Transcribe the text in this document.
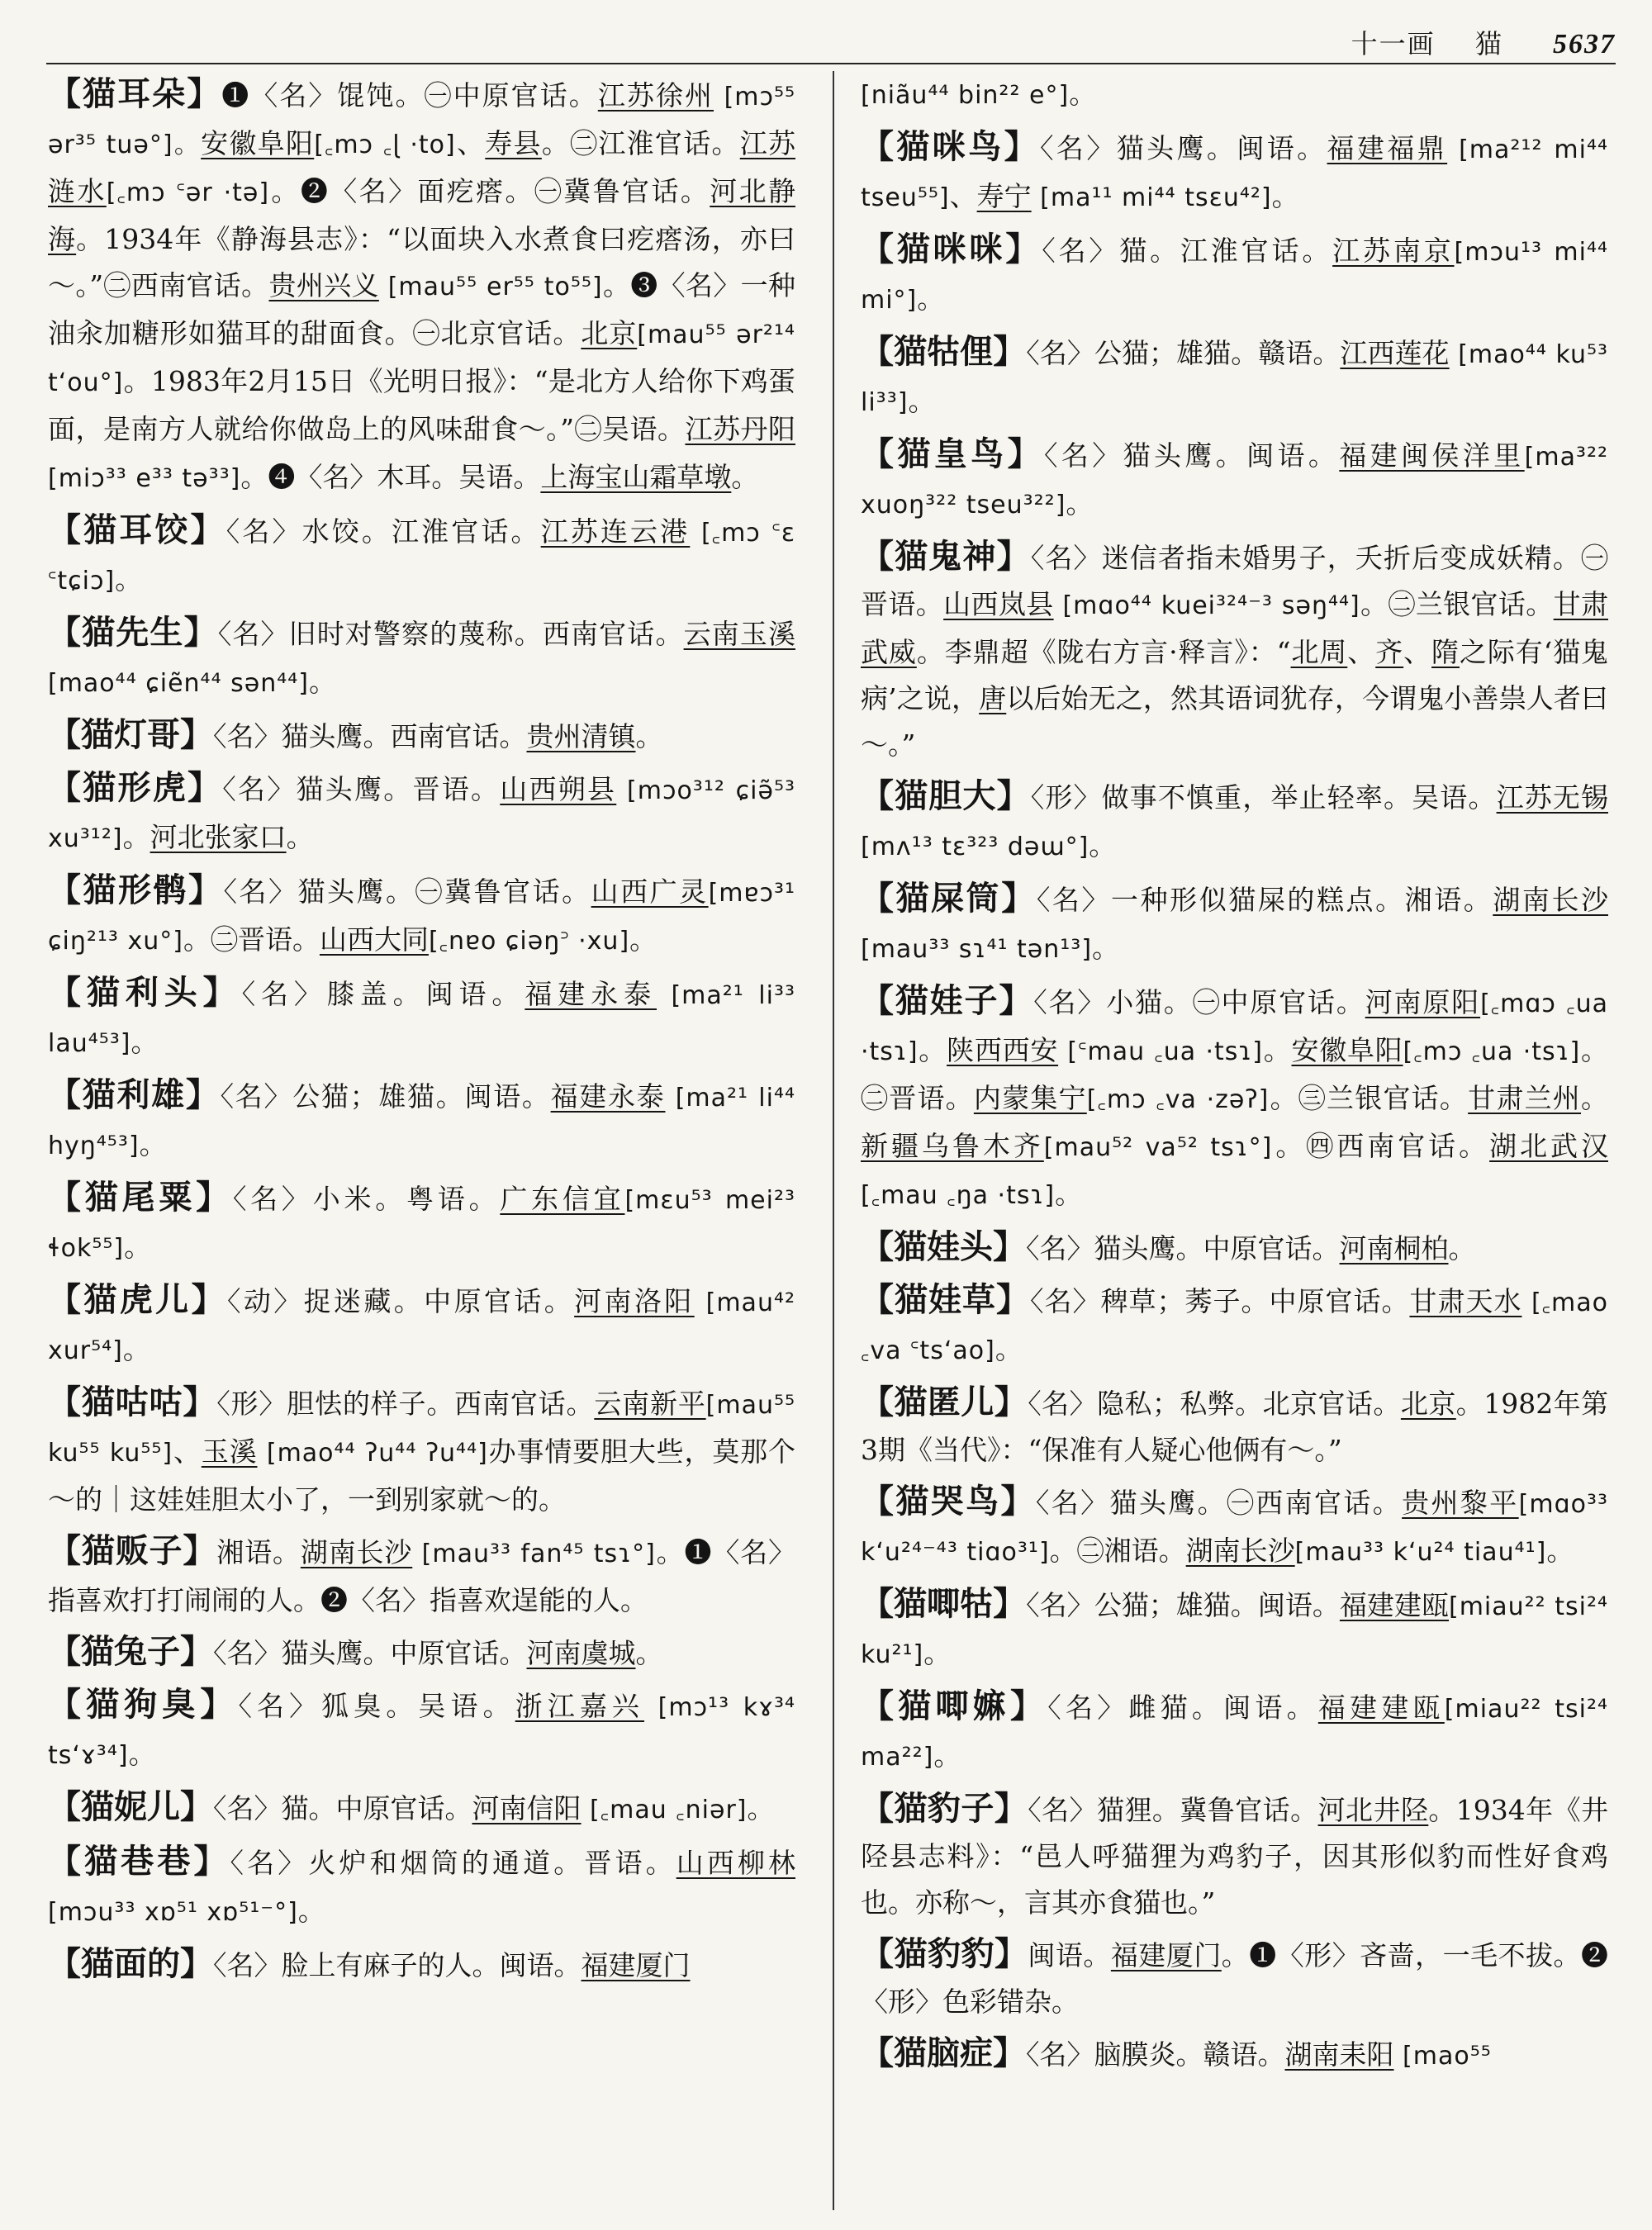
十一画 猫 5637

【猫耳朵】❶〈名〉馄饨。㊀中原官话。江苏徐州 [mɔ⁵⁵ ər³⁵ tuə°]。安徽阜阳[꜀mɔ ꜀ɭ ·to]、寿县。㊁江淮官话。江苏涟水[꜀mɔ ꜂ər ·tə]。❷〈名〉面疙瘩。㊀冀鲁官话。河北静海。1934年《静海县志》：“以面块入水煮食曰疙瘩汤，亦曰～。”㊁西南官话。贵州兴义 [mau⁵⁵ er⁵⁵ to⁵⁵]。❸〈名〉一种油汆加糖形如猫耳的甜面食。㊀北京官话。北京[mau⁵⁵ ər²¹⁴ t‘ou°]。1983年2月15日《光明日报》：“是北方人给你下鸡蛋面，是南方人就给你做岛上的风味甜食～。”㊁吴语。江苏丹阳 [miɔ³³ e³³ tə³³]。❹〈名〉木耳。吴语。上海宝山霜草墩。

【猫耳饺】〈名〉水饺。江淮官话。江苏连云港 [꜀mɔ ꜂ɛ ꜂tɕiɔ]。

【猫先生】〈名〉旧时对警察的蔑称。西南官话。云南玉溪 [mao⁴⁴ ɕiẽn⁴⁴ sən⁴⁴]。

【猫灯哥】〈名〉猫头鹰。西南官话。贵州清镇。

【猫形虎】〈名〉猫头鹰。晋语。山西朔县 [mɔo³¹² ɕiə̃⁵³ xu³¹²]。河北张家口。

【猫形鹘】〈名〉猫头鹰。㊀冀鲁官话。山西广灵[mɐɔ³¹ ɕiŋ²¹³ xu°]。㊁晋语。山西大同[꜀nɐo ɕiəŋ꜄ ·xu]。

【猫利头】〈名〉膝盖。闽语。福建永泰 [ma²¹ li³³ lau⁴⁵³]。

【猫利雄】〈名〉公猫；雄猫。闽语。福建永泰 [ma²¹ li⁴⁴ hyŋ⁴⁵³]。

【猫尾粟】〈名〉小米。粤语。广东信宜[mɛu⁵³ mei²³ ɬok⁵⁵]。

【猫虎儿】〈动〉捉迷藏。中原官话。河南洛阳 [mau⁴² xur⁵⁴]。

【猫咕咕】〈形〉胆怯的样子。西南官话。云南新平[mau⁵⁵ ku⁵⁵ ku⁵⁵]、玉溪 [mao⁴⁴ ʔu⁴⁴ ʔu⁴⁴]办事情要胆大些，莫那个～的｜这娃娃胆太小了，一到别家就～的。

【猫贩子】湘语。湖南长沙 [mau³³ fan⁴⁵ tsɿ°]。❶〈名〉指喜欢打打闹闹的人。❷〈名〉指喜欢逞能的人。

【猫兔子】〈名〉猫头鹰。中原官话。河南虞城。

【猫狗臭】〈名〉狐臭。吴语。浙江嘉兴 [mɔ¹³ kɤ³⁴ ts‘ɤ³⁴]。

【猫妮儿】〈名〉猫。中原官话。河南信阳 [꜀mau ꜀niər]。

【猫巷巷】〈名〉火炉和烟筒的通道。晋语。山西柳林 [mɔu³³ xɒ⁵¹ xɒ⁵¹⁻°]。

【猫面的】〈名〉脸上有麻子的人。闽语。福建厦门

[niãu⁴⁴ bin²² e°]。

【猫咪鸟】〈名〉猫头鹰。闽语。福建福鼎 [ma²¹² mi⁴⁴ tseu⁵⁵]、寿宁 [ma¹¹ mi⁴⁴ tsɛu⁴²]。

【猫咪咪】〈名〉猫。江淮官话。江苏南京[mɔu¹³ mi⁴⁴ mi°]。

【猫牯俚】〈名〉公猫；雄猫。赣语。江西莲花 [mao⁴⁴ ku⁵³ li³³]。

【猫皇鸟】〈名〉猫头鹰。闽语。福建闽侯洋里[ma³²² xuoŋ³²² tseu³²²]。

【猫鬼神】〈名〉迷信者指未婚男子，夭折后变成妖精。㊀晋语。山西岚县 [mɑo⁴⁴ kuei³²⁴⁻³ səŋ⁴⁴]。㊁兰银官话。甘肃武威。李鼎超《陇右方言·释言》：“北周、齐、隋之际有‘猫鬼病’之说，唐以后始无之，然其语词犹存，今谓鬼小善祟人者曰～。”

【猫胆大】〈形〉做事不慎重，举止轻率。吴语。江苏无锡 [mʌ¹³ tɛ³²³ dəɯ°]。

【猫屎筒】〈名〉一种形似猫屎的糕点。湘语。湖南长沙 [mau³³ sɿ⁴¹ tən¹³]。

【猫娃子】〈名〉小猫。㊀中原官话。河南原阳[꜀mɑɔ ꜀ua ·tsɿ]。陕西西安 [꜂mau ꜀ua ·tsɿ]。安徽阜阳[꜀mɔ ꜀ua ·tsɿ]。㊁晋语。内蒙集宁[꜀mɔ ꜀va ·zəʔ]。㊂兰银官话。甘肃兰州。新疆乌鲁木齐[mau⁵² va⁵² tsɿ°]。㊃西南官话。湖北武汉[꜀mau ꜀ŋa ·tsɿ]。

【猫娃头】〈名〉猫头鹰。中原官话。河南桐柏。

【猫娃草】〈名〉稗草；莠子。中原官话。甘肃天水 [꜀mao ꜀va ꜂ts‘ao]。

【猫匿儿】〈名〉隐私；私弊。北京官话。北京。1982年第3期《当代》：“保准有人疑心他俩有～。”

【猫哭鸟】〈名〉猫头鹰。㊀西南官话。贵州黎平[mɑo³³ k‘u²⁴⁻⁴³ tiɑo³¹]。㊁湘语。湖南长沙[mau³³ k‘u²⁴ tiau⁴¹]。

【猫唧牯】〈名〉公猫；雄猫。闽语。福建建瓯[miau²² tsi²⁴ ku²¹]。

【猫唧嫲】〈名〉雌猫。闽语。福建建瓯[miau²² tsi²⁴ ma²²]。

【猫豹子】〈名〉猫狸。冀鲁官话。河北井陉。1934年《井陉县志料》：“邑人呼猫狸为鸡豹子，因其形似豹而性好食鸡也。亦称～，言其亦食猫也。”

【猫豹豹】闽语。福建厦门。❶〈形〉吝啬，一毛不拔。❷〈形〉色彩错杂。

【猫脑症】〈名〉脑膜炎。赣语。湖南耒阳 [mao⁵⁵
